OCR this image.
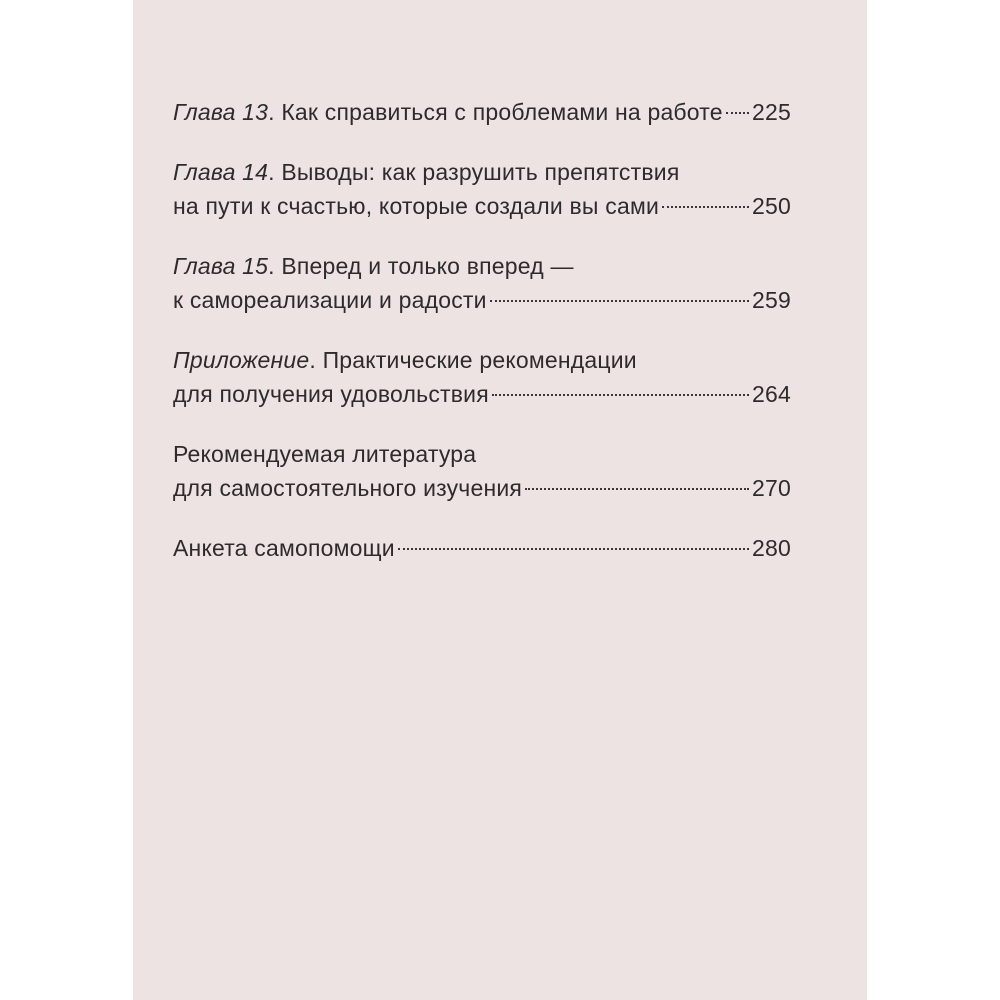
Глава 13 . Как справиться с проблемами на работе 225
Глава 14 . Выводы: как разрушить препятствия
на пути к счастью, которые создали вы сами	250
Глава 15 . Вперед и только вперед —
к самореализации и радости	259
Приложение . Практические рекомендации
для получения удовольствия	264
Рекомендуемая литература
для самостоятельного изучения	270
Анкета самопомощи	280
